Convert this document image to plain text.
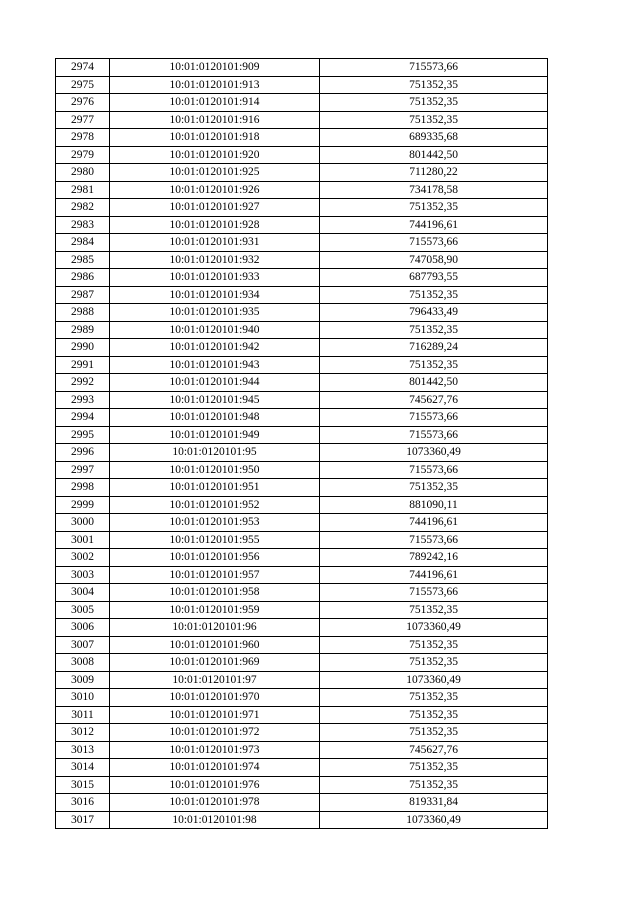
2974	10:01:0120101:909	715573,66
2975	10:01:0120101:913	751352,35
2976	10:01:0120101:914	751352,35
2977	10:01:0120101:916	751352,35
2978	10:01:0120101:918	689335,68
2979	10:01:0120101:920	801442,50
2980	10:01:0120101:925	711280,22
2981	10:01:0120101:926	734178,58
2982	10:01:0120101:927	751352,35
2983	10:01:0120101:928	744196,61
2984	10:01:0120101:931	715573,66
2985	10:01:0120101:932	747058,90
2986	10:01:0120101:933	687793,55
2987	10:01:0120101:934	751352,35
2988	10:01:0120101:935	796433,49
2989	10:01:0120101:940	751352,35
2990	10:01:0120101:942	716289,24
2991	10:01:0120101:943	751352,35
2992	10:01:0120101:944	801442,50
2993	10:01:0120101:945	745627,76
2994	10:01:0120101:948	715573,66
2995	10:01:0120101:949	715573,66
2996	10:01:0120101:95	1073360,49
2997	10:01:0120101:950	715573,66
2998	10:01:0120101:951	751352,35
2999	10:01:0120101:952	881090,11
3000	10:01:0120101:953	744196,61
3001	10:01:0120101:955	715573,66
3002	10:01:0120101:956	789242,16
3003	10:01:0120101:957	744196,61
3004	10:01:0120101:958	715573,66
3005	10:01:0120101:959	751352,35
3006	10:01:0120101:96	1073360,49
3007	10:01:0120101:960	751352,35
3008	10:01:0120101:969	751352,35
3009	10:01:0120101:97	1073360,49
3010	10:01:0120101:970	751352,35
3011	10:01:0120101:971	751352,35
3012	10:01:0120101:972	751352,35
3013	10:01:0120101:973	745627,76
3014	10:01:0120101:974	751352,35
3015	10:01:0120101:976	751352,35
3016	10:01:0120101:978	819331,84
3017	10:01:0120101:98	1073360,49
